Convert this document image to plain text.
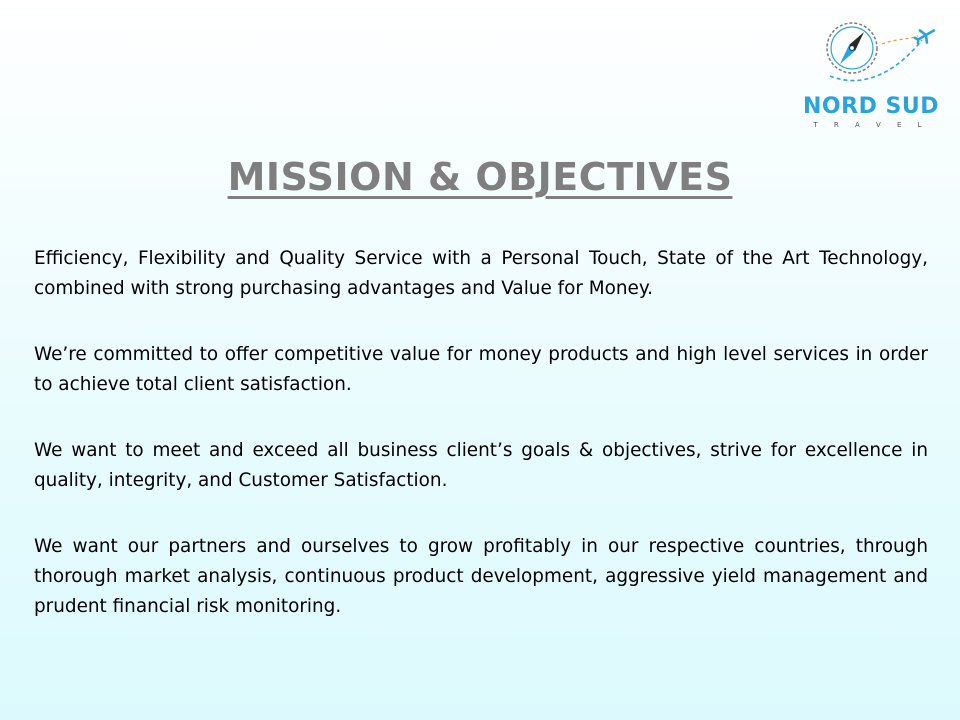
NORD SUD
T R A V E L
MISSION & OBJECTIVES

Efficiency, Flexibility and Quality Service with a Personal Touch, State of the Art Technology, combined with strong purchasing advantages and Value for Money.

We’re committed to offer competitive value for money products and high level services in order to achieve total client satisfaction.

We want to meet and exceed all business client’s goals & objectives, strive for excellence in quality, integrity, and Customer Satisfaction.

We want our partners and ourselves to grow profitably in our respective countries, through thorough market analysis, continuous product development, aggressive yield management and prudent financial risk monitoring.
